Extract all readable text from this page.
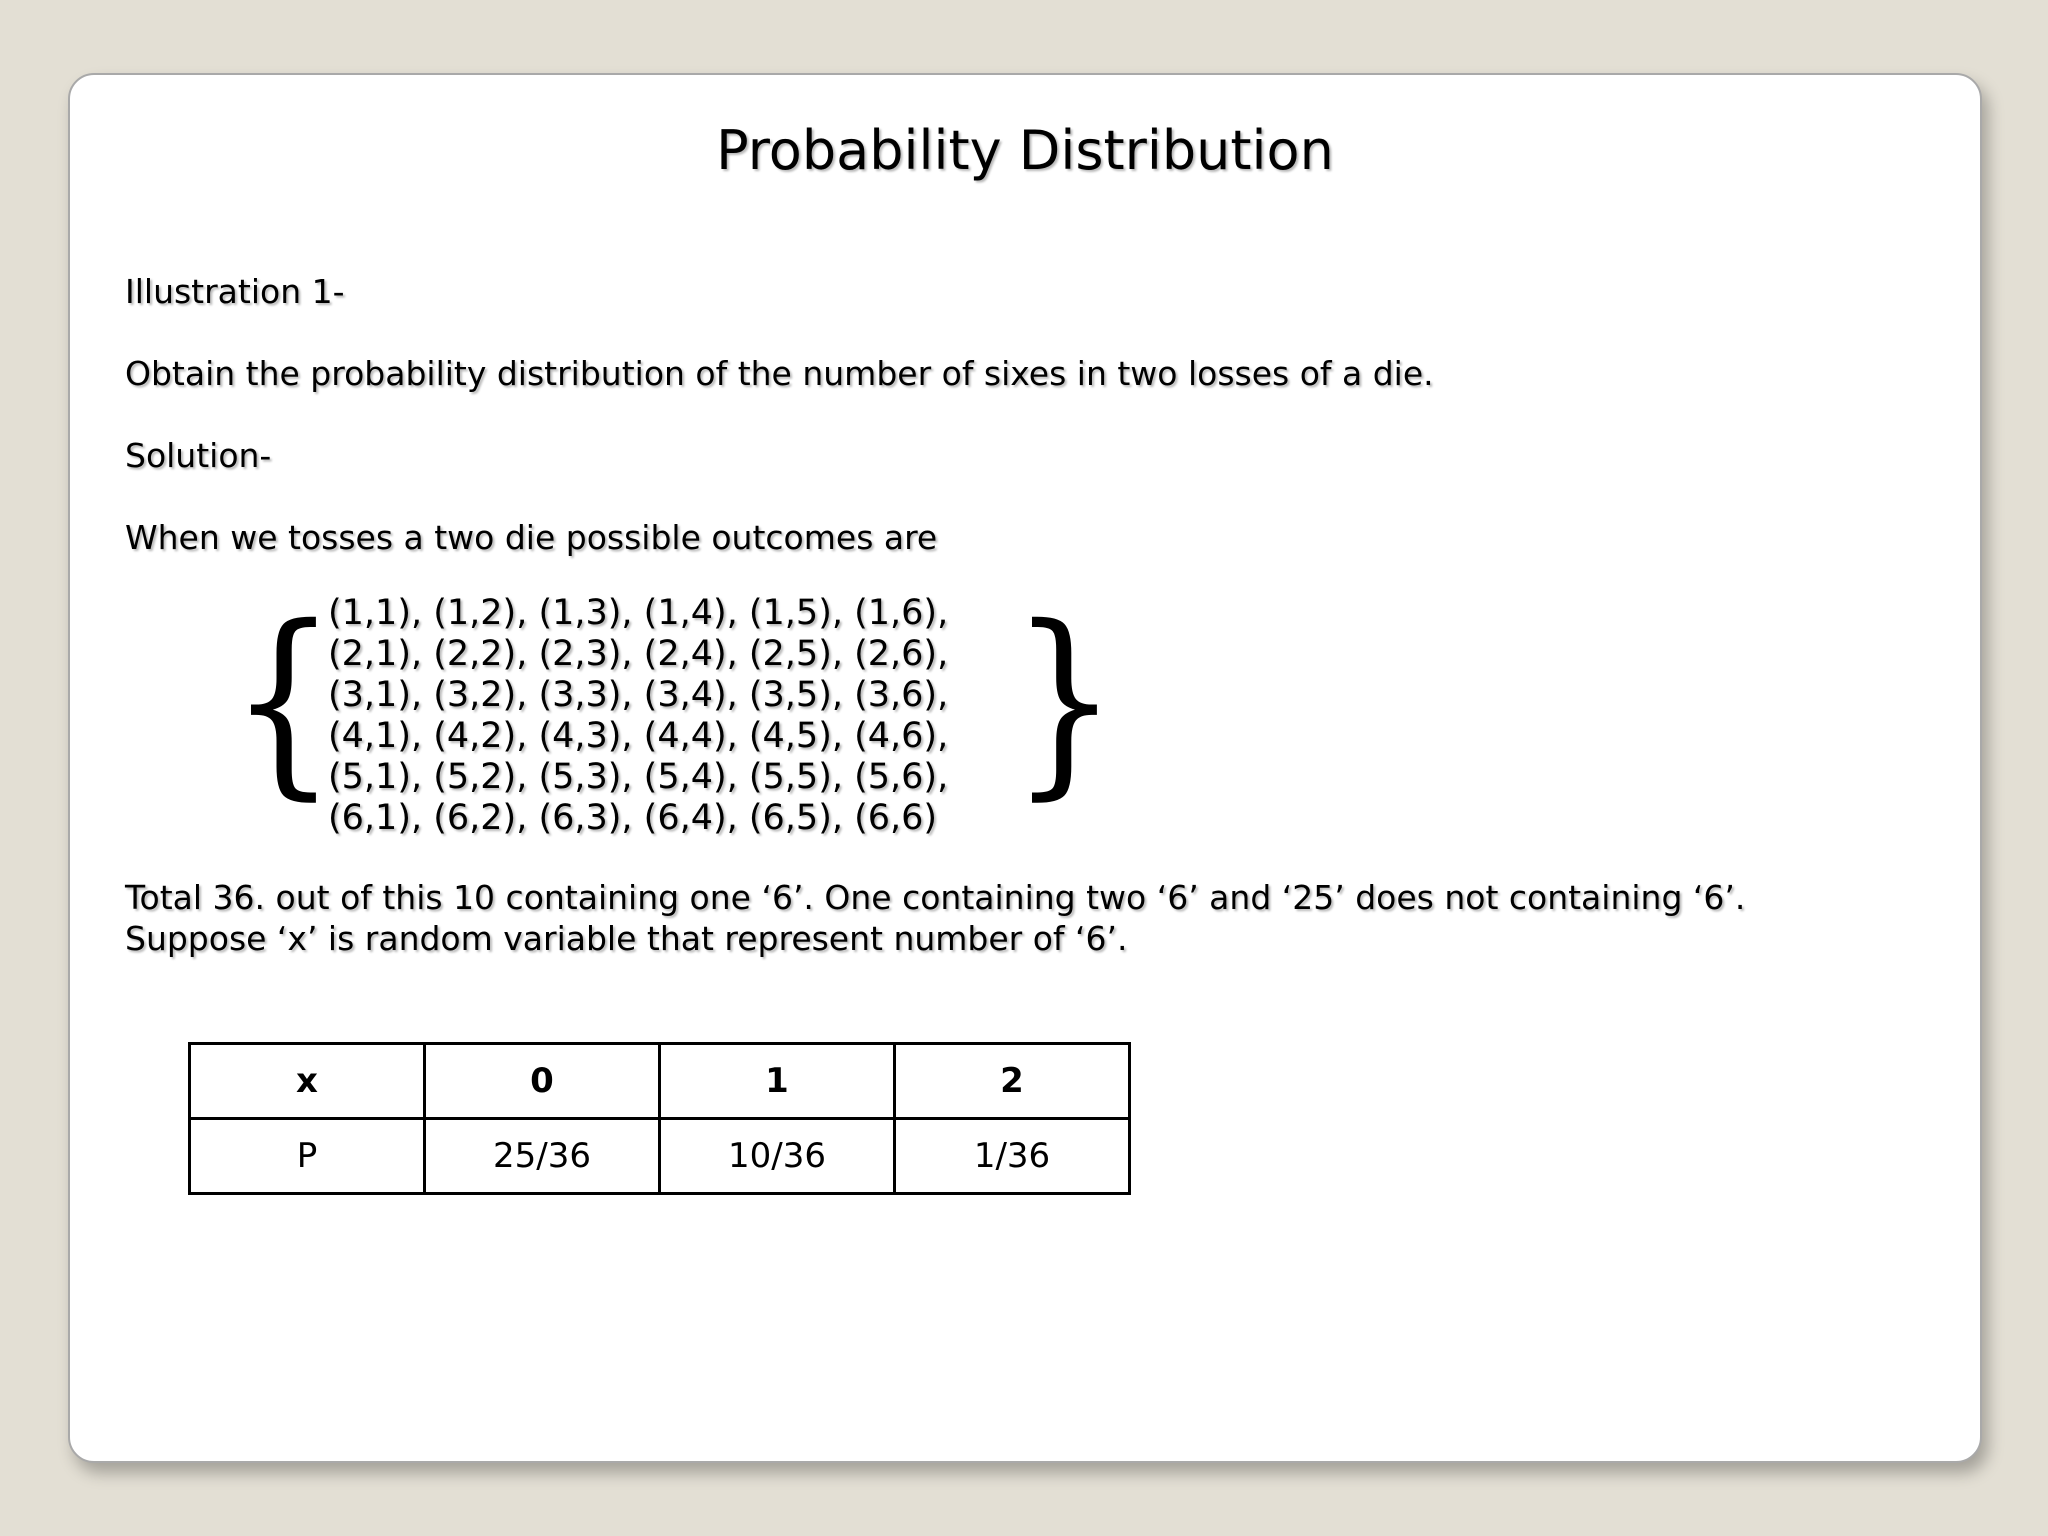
Probability Distribution
Illustration 1-
Obtain the probability distribution of the number of sixes in two losses of a die.
Solution-
When we tosses a two die possible outcomes are
{ }
(1,1), (1,2), (1,3), (1,4), (1,5), (1,6),
(2,1), (2,2), (2,3), (2,4), (2,5), (2,6),
(3,1), (3,2), (3,3), (3,4), (3,5), (3,6),
(4,1), (4,2), (4,3), (4,4), (4,5), (4,6),
(5,1), (5,2), (5,3), (5,4), (5,5), (5,6),
(6,1), (6,2), (6,3), (6,4), (6,5), (6,6)
Total 36. out of this 10 containing one ‘6’. One containing two ‘6’ and ‘25’ does not containing ‘6’.
Suppose ‘x’ is random variable that represent number of ‘6’.
x	0	1	2
P	25/36	10/36	1/36
